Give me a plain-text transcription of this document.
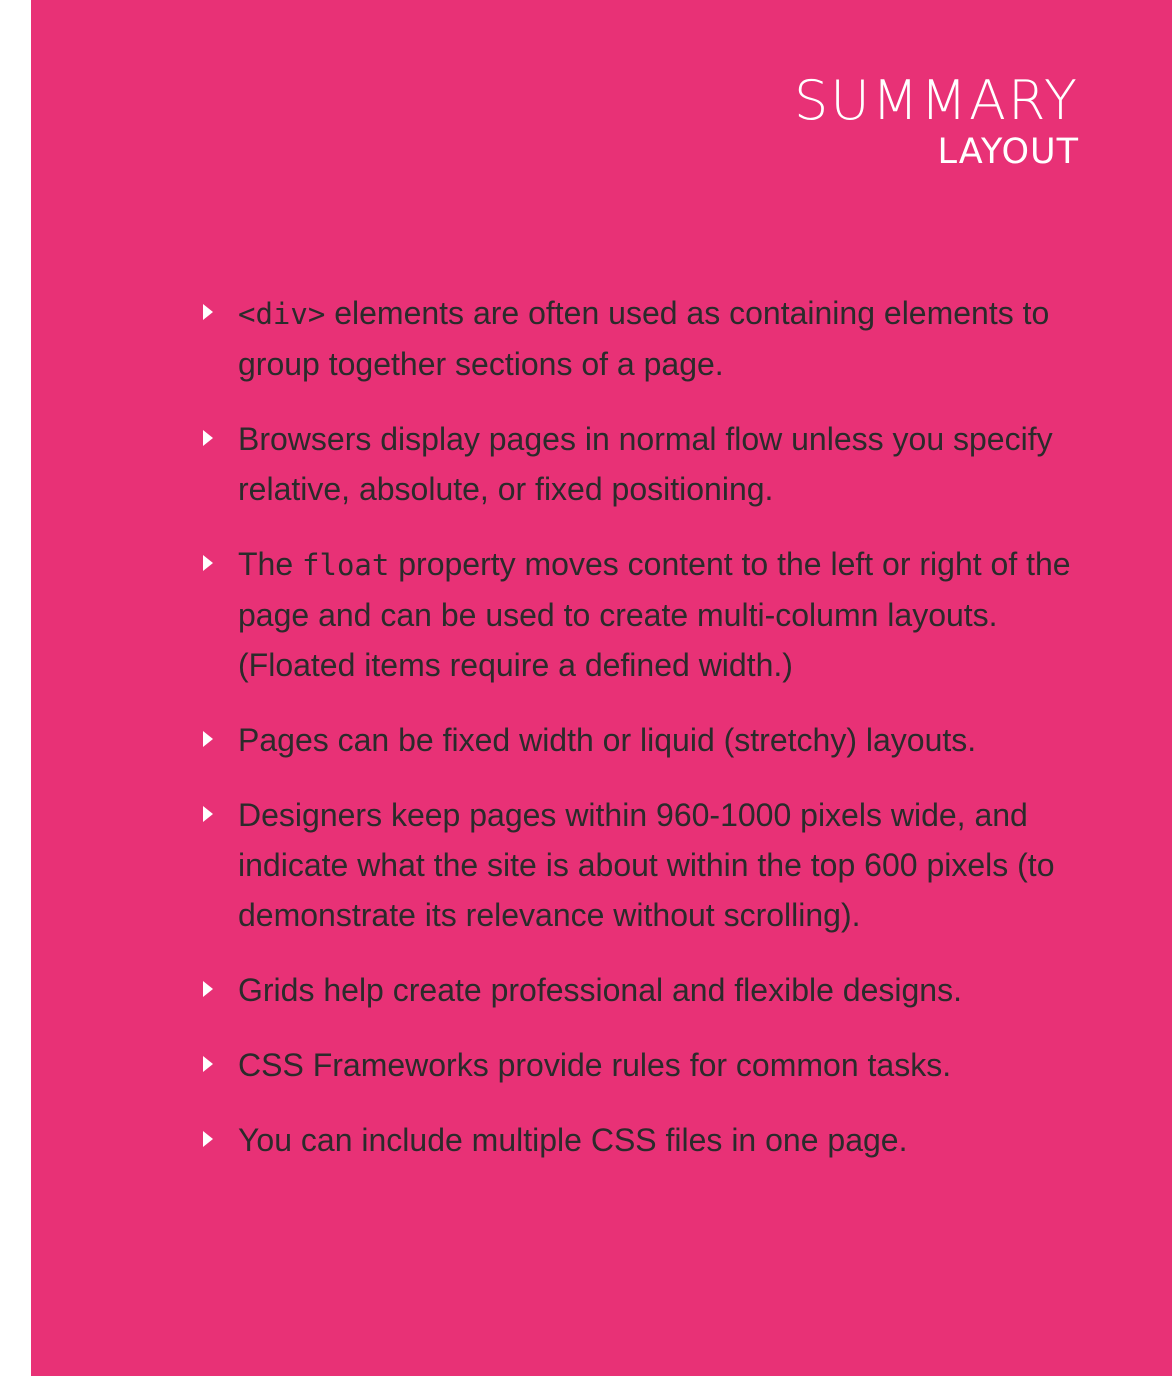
SUMMARY
LAYOUT
<div> elements are often used as containing elements to group together sections of a page.
Browsers display pages in normal flow unless you specify relative, absolute, or fixed positioning.
The float property moves content to the left or right of the page and can be used to create multi-column layouts. (Floated items require a defined width.)
Pages can be fixed width or liquid (stretchy) layouts.
Designers keep pages within 960-1000 pixels wide, and indicate what the site is about within the top 600 pixels (to demonstrate its relevance without scrolling).
Grids help create professional and flexible designs.
CSS Frameworks provide rules for common tasks.
You can include multiple CSS files in one page.
